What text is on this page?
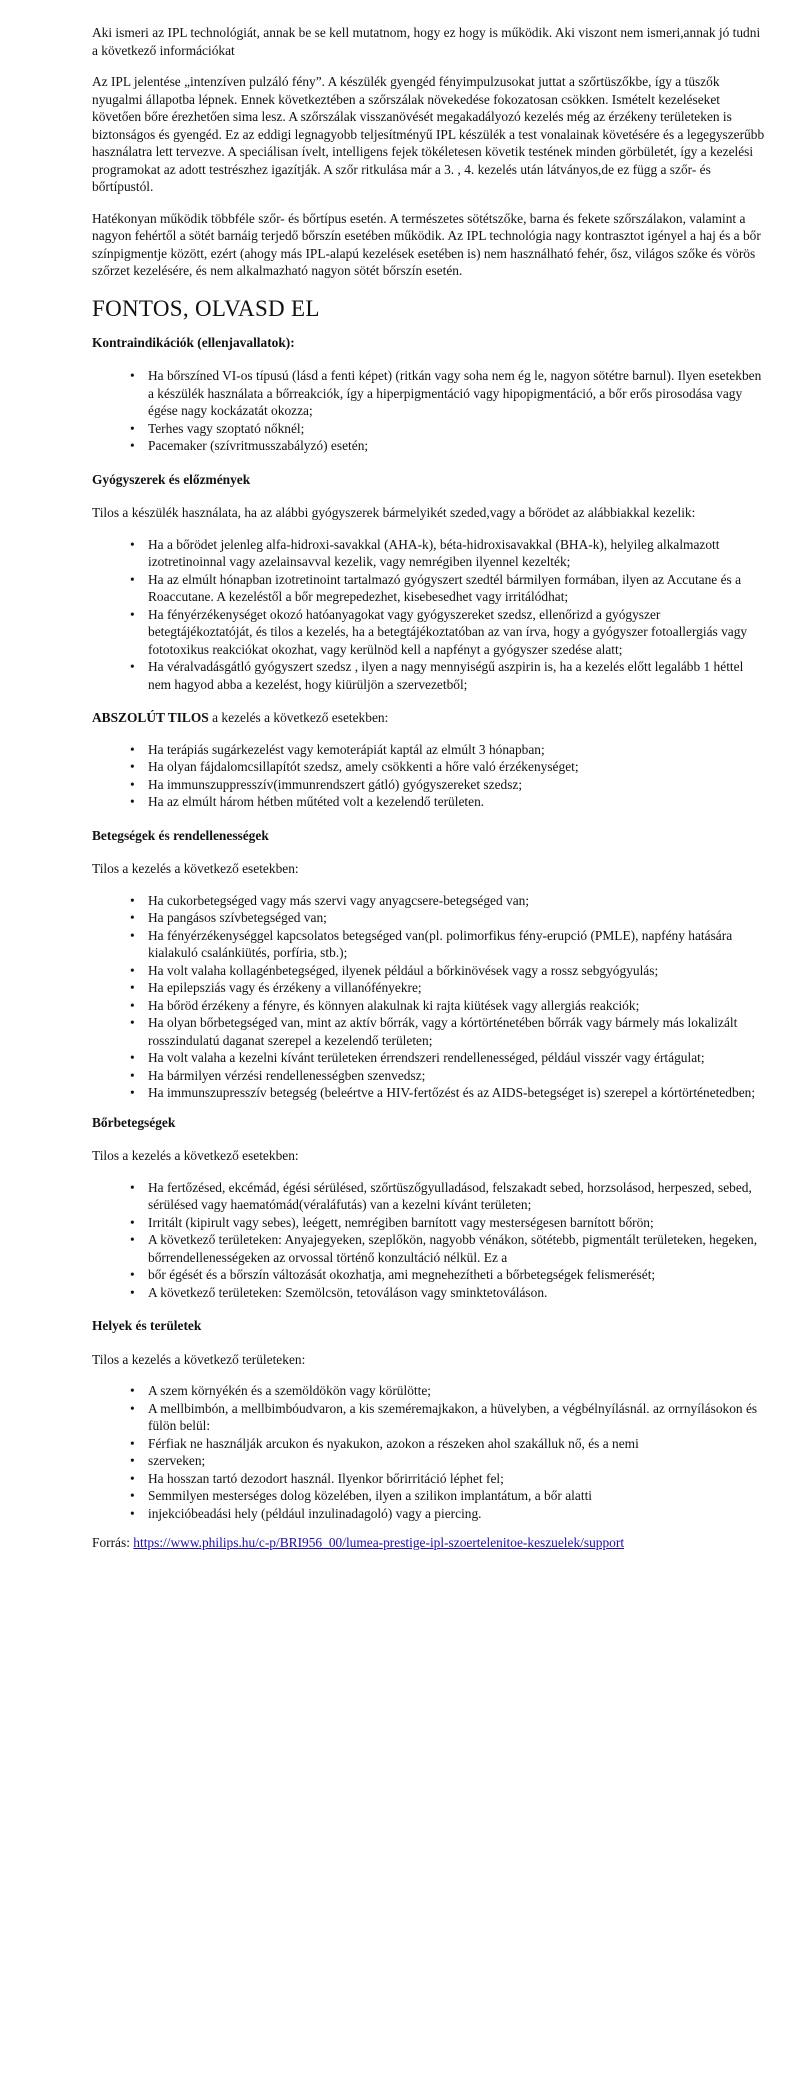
Aki ismeri az IPL technológiát, annak be se kell mutatnom, hogy ez hogy is működik. Aki viszont nem ismeri,annak jó tudni a következő információkat

Az IPL jelentése „intenzíven pulzáló fény”. A készülék gyengéd fényimpulzusokat juttat a szőrtüszőkbe, így a tüszők nyugalmi állapotba lépnek. Ennek következtében a szőrszálak növekedése fokozatosan csökken. Ismételt kezeléseket követően bőre érezhetően sima lesz. A szőrszálak visszanövését megakadályozó kezelés még az érzékeny területeken is biztonságos és gyengéd. Ez az eddigi legnagyobb teljesítményű IPL készülék a test vonalainak követésére és a legegyszerűbb használatra lett tervezve. A speciálisan ívelt, intelligens fejek tökéletesen követik testének minden görbületét, így a kezelési programokat az adott testrészhez igazítják. A szőr ritkulása már a 3. , 4. kezelés után látványos,de ez függ a szőr- és bőrtípustól.

Hatékonyan működik többféle szőr- és bőrtípus esetén. A természetes sötétszőke, barna és fekete szőrszálakon, valamint a nagyon fehértől a sötét barnáig terjedő bőrszín esetében működik. Az IPL technológia nagy kontrasztot igényel a haj és a bőr színpigmentje között, ezért (ahogy más IPL-alapú kezelések esetében is) nem használható fehér, ősz, világos szőke és vörös szőrzet kezelésére, és nem alkalmazható nagyon sötét bőrszín esetén.

FONTOS, OLVASD EL

Kontraindikációk (ellenjavallatok):

• Ha bőrszíned VI-os típusú (lásd a fenti képet) (ritkán vagy soha nem ég le, nagyon sötétre barnul). Ilyen esetekben a készülék használata a bőrreakciók, így a hiperpigmentáció vagy hipopigmentáció, a bőr erős pirosodása vagy égése nagy kockázatát okozza;
• Terhes vagy szoptató nőknél;
• Pacemaker (szívritmusszabályzó) esetén;

Gyógyszerek és előzmények

Tilos a készülék használata, ha az alábbi gyógyszerek bármelyikét szeded,vagy a bőrödet az alábbiakkal kezelik:

• Ha a bőrödet jelenleg alfa-hidroxi-savakkal (AHA-k), béta-hidroxisavakkal (BHA-k), helyileg alkalmazott izotretinoinnal vagy azelainsavval kezelik, vagy nemrégiben ilyennel kezelték;
• Ha az elmúlt hónapban izotretinoint tartalmazó gyógyszert szedtél bármilyen formában, ilyen az Accutane és a Roaccutane. A kezeléstől a bőr megrepedezhet, kisebesedhet vagy irritálódhat;
• Ha fényérzékenységet okozó hatóanyagokat vagy gyógyszereket szedsz, ellenőrizd a gyógyszer betegtájékoztatóját, és tilos a kezelés, ha a betegtájékoztatóban az van írva, hogy a gyógyszer fotoallergiás vagy fototoxikus reakciókat okozhat, vagy kerülnöd kell a napfényt a gyógyszer szedése alatt;
• Ha véralvadásgátló gyógyszert szedsz , ilyen a nagy mennyiségű aszpirin is, ha a kezelés előtt legalább 1 héttel nem hagyod abba a kezelést, hogy kiürüljön a szervezetből;

ABSZOLÚT TILOS a kezelés a következő esetekben:

• Ha terápiás sugárkezelést vagy kemoterápiát kaptál az elmúlt 3 hónapban;
• Ha olyan fájdalomcsillapítót szedsz, amely csökkenti a hőre való érzékenységet;
• Ha immunszuppresszív(immunrendszert gátló) gyógyszereket szedsz;
• Ha az elmúlt három hétben műtéted volt a kezelendő területen.

Betegségek és rendellenességek

Tilos a kezelés a következő esetekben:

• Ha cukorbetegséged vagy más szervi vagy anyagcsere-betegséged van;
• Ha pangásos szívbetegséged van;
• Ha fényérzékenységgel kapcsolatos betegséged van(pl. polimorfikus fény-erupció (PMLE), napfény hatására kialakuló csalánkiütés, porfíria, stb.);
• Ha volt valaha kollagénbetegséged, ilyenek például a bőrkinövések vagy a rossz sebgyógyulás;
• Ha epilepsziás vagy és érzékeny a villanófényekre;
• Ha bőröd érzékeny a fényre, és könnyen alakulnak ki rajta kiütések vagy allergiás reakciók;
• Ha olyan bőrbetegséged van, mint az aktív bőrrák, vagy a kórtörténetében bőrrák vagy bármely más lokalizált rosszindulatú daganat szerepel a kezelendő területen;
• Ha volt valaha a kezelni kívánt területeken érrendszeri rendellenességed, például visszér vagy értágulat;
• Ha bármilyen vérzési rendellenességben szenvedsz;
• Ha immunszupresszív betegség (beleértve a HIV-fertőzést és az AIDS-betegséget is) szerepel a kórtörténetedben;

Bőrbetegségek

Tilos a kezelés a következő esetekben:

• Ha fertőzésed, ekcémád, égési sérülésed, szőrtüszőgyulladásod, felszakadt sebed, horzsolásod, herpeszed, sebed, sérülésed vagy haematómád(véraláfutás) van a kezelni kívánt területen;
• Irritált (kipirult vagy sebes), leégett, nemrégiben barnított vagy mesterségesen barnított bőrön;
• A következő területeken: Anyajegyeken, szeplőkön, nagyobb vénákon, sötétebb, pigmentált területeken, hegeken, bőrrendellenességeken az orvossal történő konzultáció nélkül. Ez a
• bőr égését és a bőrszín változását okozhatja, ami megnehezítheti a bőrbetegségek felismerését;
• A következő területeken: Szemölcsön, tetováláson vagy sminktetováláson.

Helyek és területek

Tilos a kezelés a következő területeken:

• A szem környékén és a szemöldökön vagy körülötte;
• A mellbimbón, a mellbimbóudvaron, a kis szeméremajkakon, a hüvelyben, a végbélnyílásnál. az orrnyílásokon és fülön belül:
• Férfiak ne használják arcukon és nyakukon, azokon a részeken ahol szakálluk nő, és a nemi
• szerveken;
• Ha hosszan tartó dezodort használ. Ilyenkor bőrirritáció léphet fel;
• Semmilyen mesterséges dolog közelében, ilyen a szilikon implantátum, a bőr alatti
• injekcióbeadási hely (például inzulinadagoló) vagy a piercing.

Forrás: https://www.philips.hu/c-p/BRI956_00/lumea-prestige-ipl-szoertelenitoe-keszuelek/support
